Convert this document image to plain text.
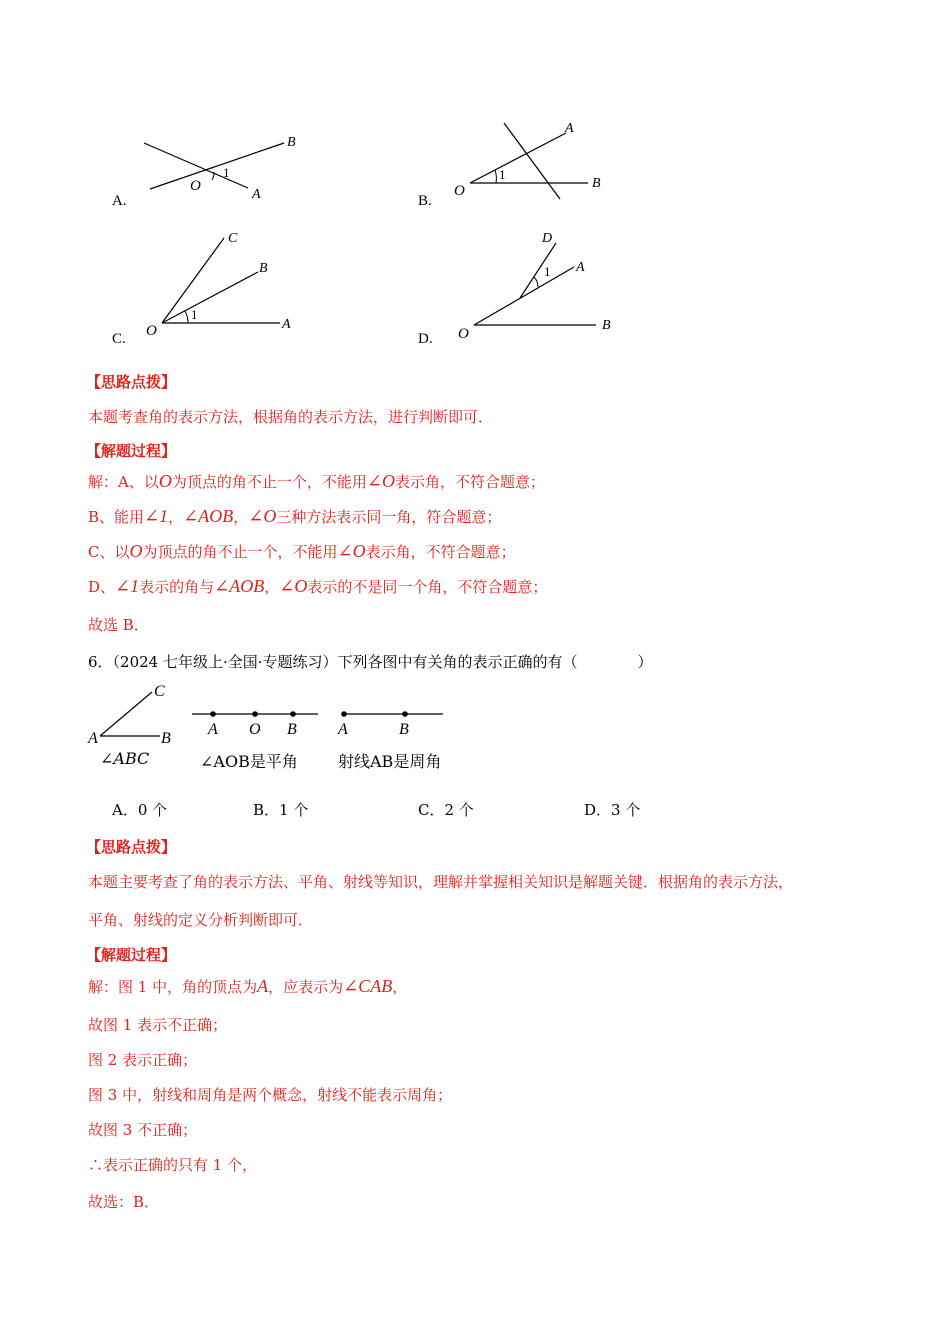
B
O
1
A
A.
A
O
1
B
B.
C
B
O
1
A
C.
D
1 A
O
B
D.
【思路点拨】
本题考查角的表示方法，根据角的表示方法，进行判断即可．
【解题过程】
解：A、以O为顶点的角不止一个，不能用∠O表示角，不符合题意；
B、能用∠1，∠AOB，∠O三种方法表示同一角，符合题意；
C、以O为顶点的角不止一个，不能用∠O表示角，不符合题意；
D、∠1表示的角与∠AOB，∠O表示的不是同一个角，不符合题意；
故选 B．
6．（2024 七年级上·全国·专题练习）下列各图中有关角的表示正确的有（　　　　）
C
A	B
∠ABC
A O B
∠AOB是平角
A	B
射线AB是周角
A．0 个	B．1 个	C．2 个	D．3 个
【思路点拨】
本题主要考查了角的表示方法、平角、射线等知识，理解并掌握相关知识是解题关键．根据角的表示方法，
平角、射线的定义分析判断即可．
【解题过程】
解：图 1 中，角的顶点为A，应表示为∠CAB，
故图 1 表示不正确；
图 2 表示正确；
图 3 中，射线和周角是两个概念，射线不能表示周角；
故图 3 不正确；
∴表示正确的只有 1 个，
故选：B．
